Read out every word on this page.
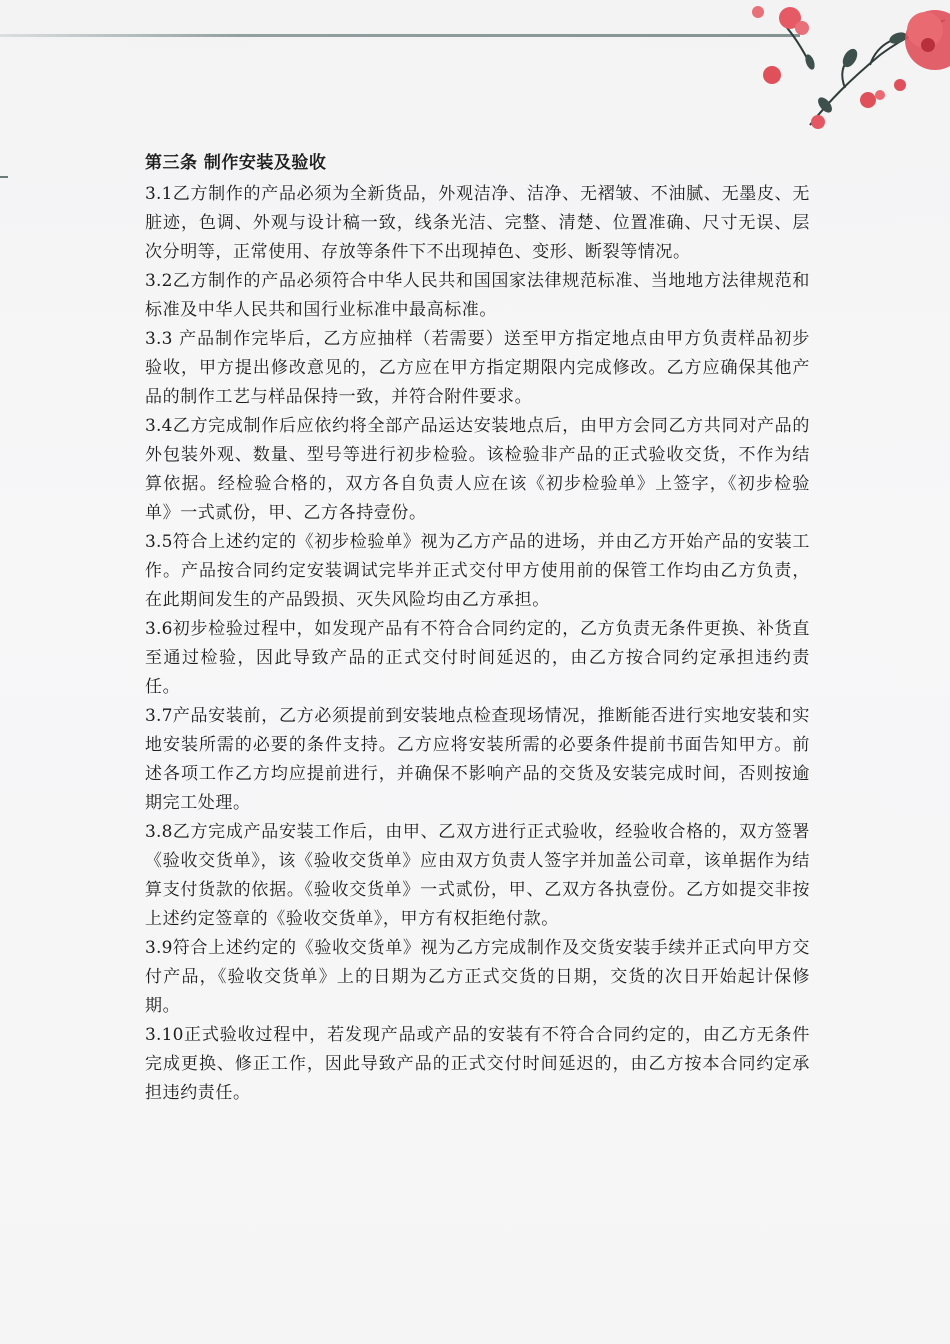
第三条 制作安装及验收

3.1乙方制作的产品必须为全新货品，外观洁净、洁净、无褶皱、不油腻、无墨皮、无脏迹，色调、外观与设计稿一致，线条光洁、完整、清楚、位置准确、尺寸无误、层次分明等，正常使用、存放等条件下不出现掉色、变形、断裂等情况。

3.2乙方制作的产品必须符合中华人民共和国国家法律规范标准、当地地方法律规范和标准及中华人民共和国行业标准中最高标准。

3.3 产品制作完毕后，乙方应抽样（若需要）送至甲方指定地点由甲方负责样品初步验收，甲方提出修改意见的，乙方应在甲方指定期限内完成修改。乙方应确保其他产品的制作工艺与样品保持一致，并符合附件要求。

3.4乙方完成制作后应依约将全部产品运达安装地点后，由甲方会同乙方共同对产品的外包装外观、数量、型号等进行初步检验。该检验非产品的正式验收交货，不作为结算依据。经检验合格的，双方各自负责人应在该《初步检验单》上签字，《初步检验单》一式贰份，甲、乙方各持壹份。

3.5符合上述约定的《初步检验单》视为乙方产品的进场，并由乙方开始产品的安装工作。产品按合同约定安装调试完毕并正式交付甲方使用前的保管工作均由乙方负责，在此期间发生的产品毁损、灭失风险均由乙方承担。

3.6初步检验过程中，如发现产品有不符合合同约定的，乙方负责无条件更换、补货直至通过检验，因此导致产品的正式交付时间延迟的，由乙方按合同约定承担违约责任。

3.7产品安装前，乙方必须提前到安装地点检查现场情况，推断能否进行实地安装和实地安装所需的必要的条件支持。乙方应将安装所需的必要条件提前书面告知甲方。前述各项工作乙方均应提前进行，并确保不影响产品的交货及安装完成时间，否则按逾期完工处理。

3.8乙方完成产品安装工作后，由甲、乙双方进行正式验收，经验收合格的，双方签署《验收交货单》，该《验收交货单》应由双方负责人签字并加盖公司章，该单据作为结算支付货款的依据。《验收交货单》一式贰份，甲、乙双方各执壹份。乙方如提交非按上述约定签章的《验收交货单》，甲方有权拒绝付款。

3.9符合上述约定的《验收交货单》视为乙方完成制作及交货安装手续并正式向甲方交付产品，《验收交货单》上的日期为乙方正式交货的日期，交货的次日开始起计保修期。

3.10正式验收过程中，若发现产品或产品的安装有不符合合同约定的，由乙方无条件完成更换、修正工作，因此导致产品的正式交付时间延迟的，由乙方按本合同约定承担违约责任。
